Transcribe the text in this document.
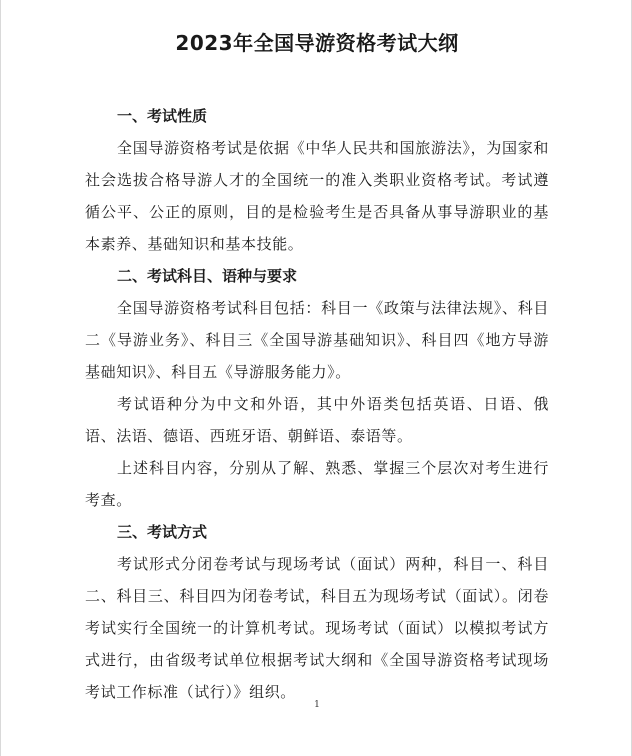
2023年全国导游资格考试大纲

一、考试性质

全国导游资格考试是依据《中华人民共和国旅游法》，为国家和社会选拔合格导游人才的全国统一的准入类职业资格考试。考试遵循公平、公正的原则，目的是检验考生是否具备从事导游职业的基本素养、基础知识和基本技能。

二、考试科目、语种与要求

全国导游资格考试科目包括：科目一《政策与法律法规》、科目二《导游业务》、科目三《全国导游基础知识》、科目四《地方导游基础知识》、科目五《导游服务能力》。

考试语种分为中文和外语，其中外语类包括英语、日语、俄语、法语、德语、西班牙语、朝鲜语、泰语等。

上述科目内容，分别从了解、熟悉、掌握三个层次对考生进行考查。

三、考试方式

考试形式分闭卷考试与现场考试（面试）两种，科目一、科目二、科目三、科目四为闭卷考试，科目五为现场考试（面试）。闭卷考试实行全国统一的计算机考试。现场考试（面试）以模拟考试方式进行，由省级考试单位根据考试大纲和《全国导游资格考试现场考试工作标准（试行）》组织。

1
